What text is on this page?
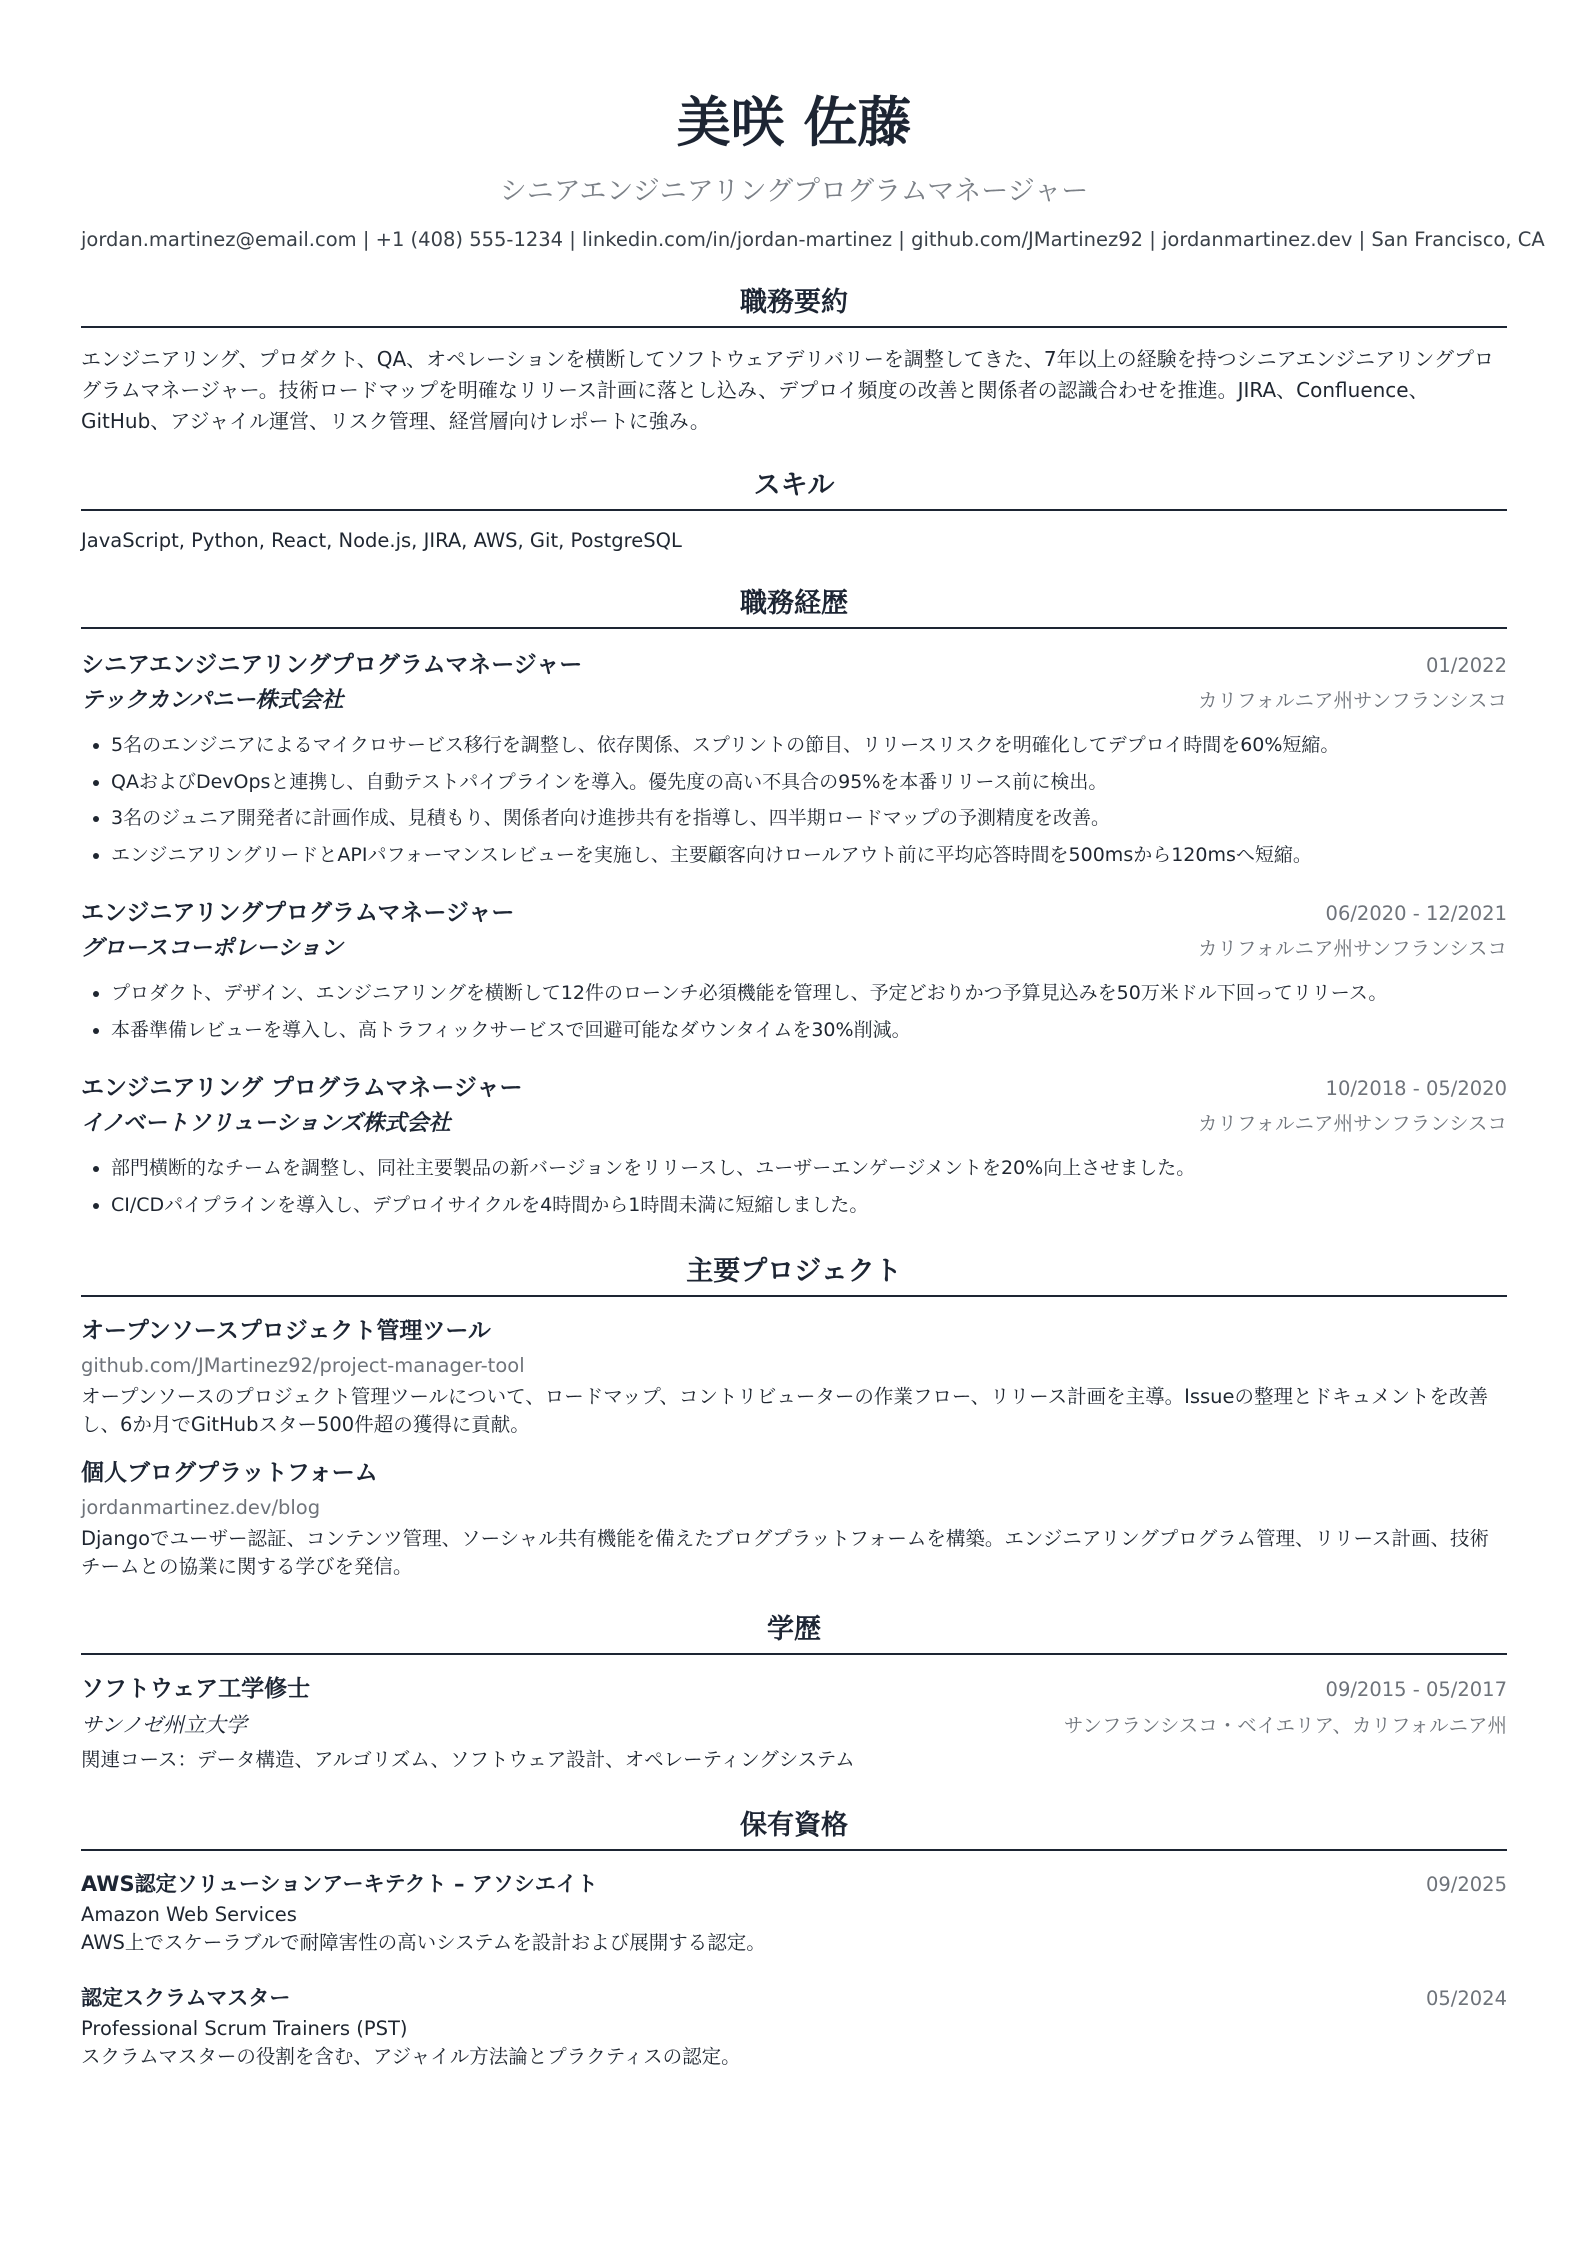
美咲 佐藤
シニアエンジニアリングプログラムマネージャー
jordan.martinez@email.com | +1 (408) 555-1234 | linkedin.com/in/jordan-martinez | github.com/JMartinez92 | jordanmartinez.dev | San Francisco, CA
職務要約
エンジニアリング、プロダクト、QA、オペレーションを横断してソフトウェアデリバリーを調整してきた、7年以上の経験を持つシニアエンジニアリングプログラムマネージャー。技術ロードマップを明確なリリース計画に落とし込み、デプロイ頻度の改善と関係者の認識合わせを推進。JIRA、Confluence、GitHub、アジャイル運営、リスク管理、経営層向けレポートに強み。
スキル
JavaScript, Python, React, Node.js, JIRA, AWS, Git, PostgreSQL
職務経歴
シニアエンジニアリングプログラムマネージャー	01/2022
テックカンパニー株式会社	カリフォルニア州サンフランシスコ
• 5名のエンジニアによるマイクロサービス移行を調整し、依存関係、スプリントの節目、リリースリスクを明確化してデプロイ時間を60%短縮。
• QAおよびDevOpsと連携し、自動テストパイプラインを導入。優先度の高い不具合の95%を本番リリース前に検出。
• 3名のジュニア開発者に計画作成、見積もり、関係者向け進捗共有を指導し、四半期ロードマップの予測精度を改善。
• エンジニアリングリードとAPIパフォーマンスレビューを実施し、主要顧客向けロールアウト前に平均応答時間を500msから120msへ短縮。
エンジニアリングプログラムマネージャー	06/2020 - 12/2021
グロースコーポレーション	カリフォルニア州サンフランシスコ
• プロダクト、デザイン、エンジニアリングを横断して12件のローンチ必須機能を管理し、予定どおりかつ予算見込みを50万米ドル下回ってリリース。
• 本番準備レビューを導入し、高トラフィックサービスで回避可能なダウンタイムを30%削減。
エンジニアリング プログラムマネージャー	10/2018 - 05/2020
イノベートソリューションズ株式会社	カリフォルニア州サンフランシスコ
• 部門横断的なチームを調整し、同社主要製品の新バージョンをリリースし、ユーザーエンゲージメントを20%向上させました。
• CI/CDパイプラインを導入し、デプロイサイクルを4時間から1時間未満に短縮しました。
主要プロジェクト
オープンソースプロジェクト管理ツール
github.com/JMartinez92/project-manager-tool
オープンソースのプロジェクト管理ツールについて、ロードマップ、コントリビューターの作業フロー、リリース計画を主導。Issueの整理とドキュメントを改善し、6か月でGitHubスター500件超の獲得に貢献。
個人ブログプラットフォーム
jordanmartinez.dev/blog
Djangoでユーザー認証、コンテンツ管理、ソーシャル共有機能を備えたブログプラットフォームを構築。エンジニアリングプログラム管理、リリース計画、技術チームとの協業に関する学びを発信。
学歴
ソフトウェア工学修士	09/2015 - 05/2017
サンノゼ州立大学	サンフランシスコ・ベイエリア、カリフォルニア州
関連コース：データ構造、アルゴリズム、ソフトウェア設計、オペレーティングシステム
保有資格
AWS認定ソリューションアーキテクト – アソシエイト	09/2025
Amazon Web Services
AWS上でスケーラブルで耐障害性の高いシステムを設計および展開する認定。
認定スクラムマスター	05/2024
Professional Scrum Trainers (PST)
スクラムマスターの役割を含む、アジャイル方法論とプラクティスの認定。
